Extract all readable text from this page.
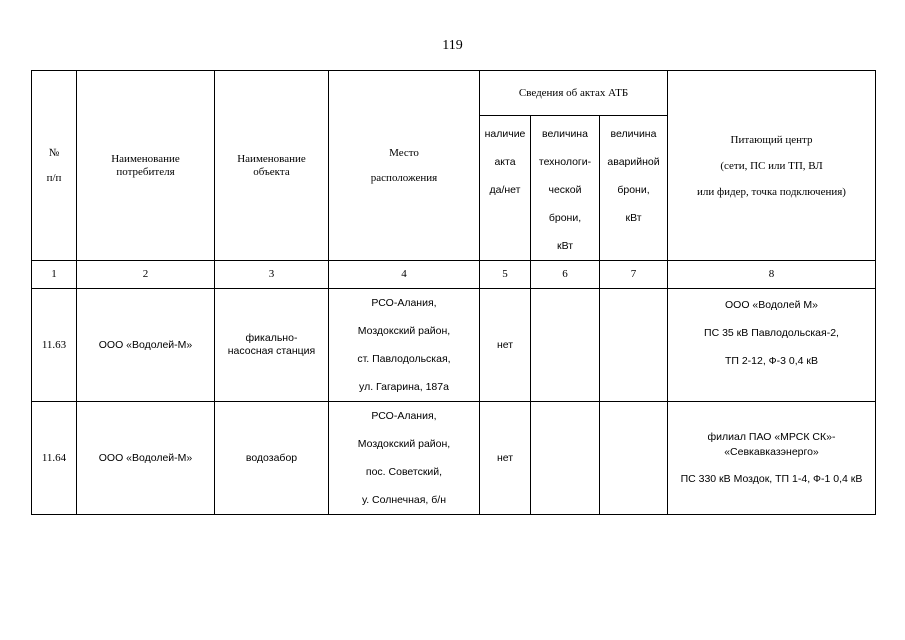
119
№
п/п	Наименование
потребителя	Наименование
объекта	Место
расположения	Сведения об актах АТБ			Питающий центр
(сети, ПС или ТП, ВЛ
или фидер, точка подключения)

				наличие
акта
да/нет	величина
технологи-
ческой
брони,
кВт	величина
аварийной
брони,
кВт	

1	2	3	4	5	6	7	8
11.63	ООО «Водолей-М»	фикально-
насосная станция	РСО-Алания,
Моздокский район,
ст. Павлодольская,
ул. Гагарина, 187а	нет			ООО «Водолей М»
ПС 35 кВ Павлодольская-2,
ТП 2-12, Ф-3 0,4 кВ

11.64	ООО «Водолей-М»	водозабор	РСО-Алания,
Моздокский район,
пос. Советский,
у. Солнечная, б/н	нет			филиал ПАО «МРСК СК»- «Севкавказэнерго»
ПС 330 кВ Моздок, ТП 1-4, Ф-1 0,4 кВ
